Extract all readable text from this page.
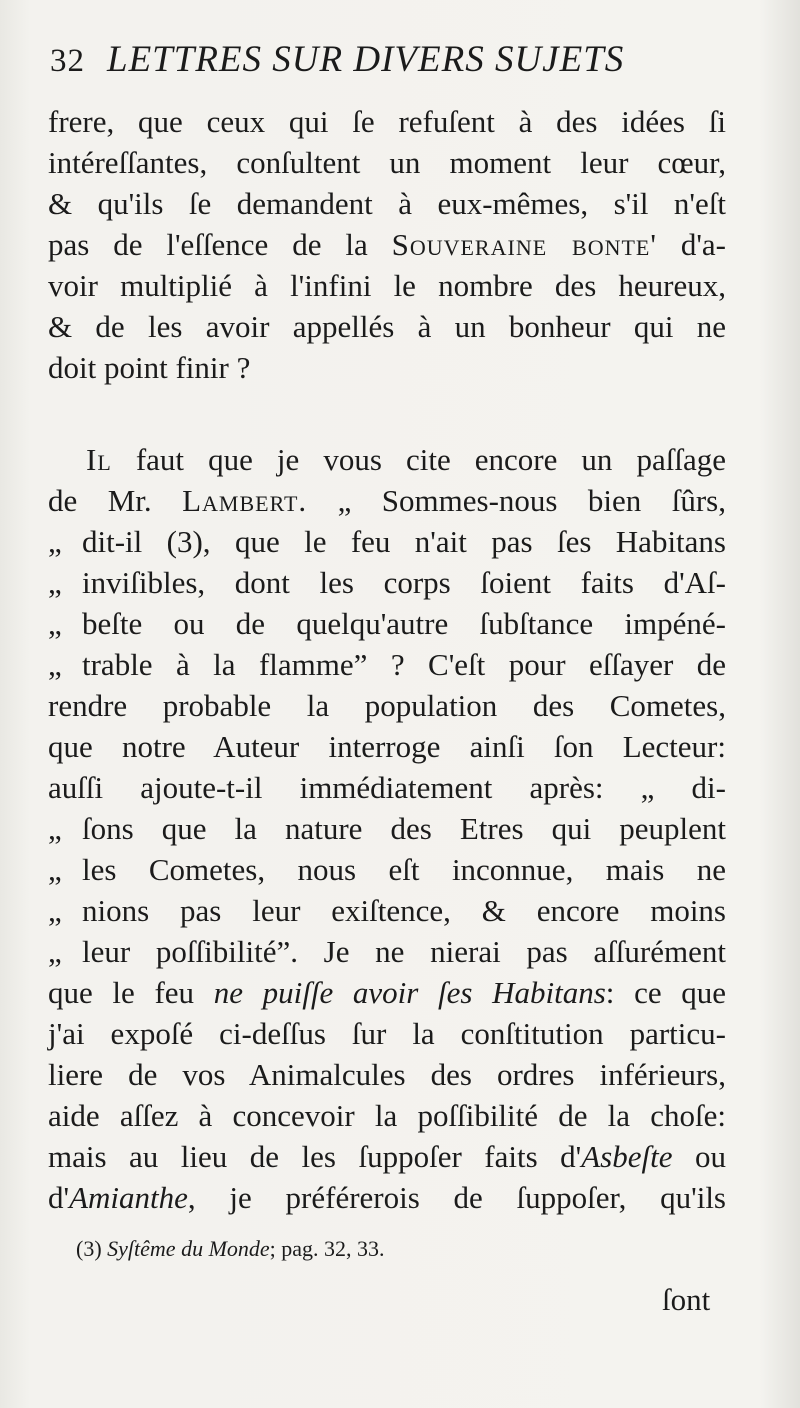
32 LETTRES SUR DIVERS SUJETS
frere, que ceux qui ſe refuſent à des idées ſi
intéreſſantes, conſultent un moment leur cœur,
& qu'ils ſe demandent à eux-mêmes, s'il n'eſt
pas de l'eſſence de la Souveraine bonte' d'a-
voir multiplié à l'infini le nombre des heureux,
& de les avoir appellés à un bonheur qui ne
doit point finir ?
Il faut que je vous cite encore un paſſage
de Mr. Lambert. „ Sommes-nous bien ſûrs,
„ dit-il (3), que le feu n'ait pas ſes Habitans
„ inviſibles, dont les corps ſoient faits d'Aſ-
„ beſte ou de quelqu'autre ſubſtance impéné-
„ trable à la flamme” ? C'eſt pour eſſayer de
rendre probable la population des Cometes,
que notre Auteur interroge ainſi ſon Lecteur:
auſſi ajoute-t-il immédiatement après: „ di-
„ ſons que la nature des Etres qui peuplent
„ les Cometes, nous eſt inconnue, mais ne
„ nions pas leur exiſtence, & encore moins
„ leur poſſibilité”. Je ne nierai pas aſſurément
que le feu ne puiſſe avoir ſes Habitans: ce que
j'ai expoſé ci-deſſus ſur la conſtitution particu-
liere de vos Animalcules des ordres inférieurs,
aide aſſez à concevoir la poſſibilité de la choſe:
mais au lieu de les ſuppoſer faits d'Asbeſte ou
d'Amianthe, je préférerois de ſuppoſer, qu'ils
(3) Syſtême du Monde; pag. 32, 33.
ſont
